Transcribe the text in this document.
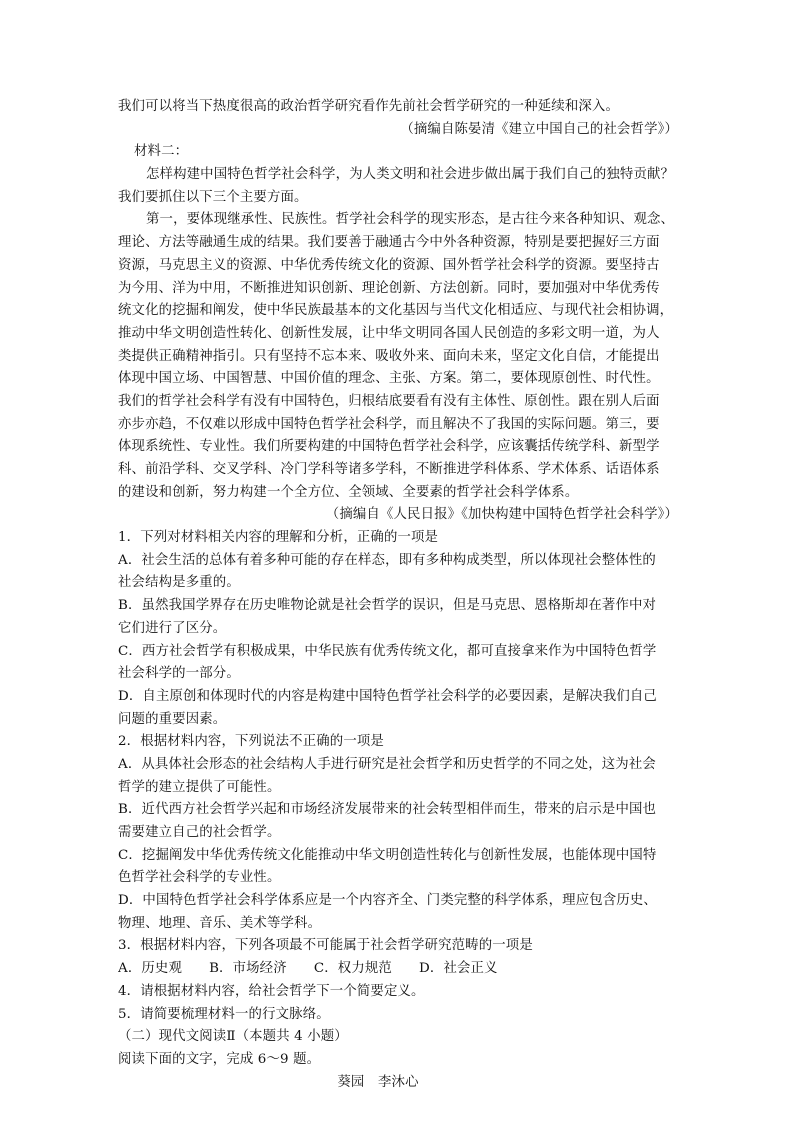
我们可以将当下热度很高的政治哲学研究看作先前社会哲学研究的一种延续和深入。
（摘编自陈晏清《建立中国自己的社会哲学》）
材料二：
怎样构建中国特色哲学社会科学，为人类文明和社会进步做出属于我们自己的独特贡献？
我们要抓住以下三个主要方面。
第一，要体现继承性、民族性。哲学社会科学的现实形态，是古往今来各种知识、观念、
理论、方法等融通生成的结果。我们要善于融通古今中外各种资源，特别是要把握好三方面
资源，马克思主义的资源、中华优秀传统文化的资源、国外哲学社会科学的资源。要坚持古
为今用、洋为中用，不断推进知识创新、理论创新、方法创新。同时，要加强对中华优秀传
统文化的挖掘和阐发，使中华民族最基本的文化基因与当代文化相适应、与现代社会相协调，
推动中华文明创造性转化、创新性发展，让中华文明同各国人民创造的多彩文明一道，为人
类提供正确精神指引。只有坚持不忘本来、吸收外来、面向未来，坚定文化自信，才能提出
体现中国立场、中国智慧、中国价值的理念、主张、方案。第二，要体现原创性、时代性。
我们的哲学社会科学有没有中国特色，归根结底要看有没有主体性、原创性。跟在别人后面
亦步亦趋，不仅难以形成中国特色哲学社会科学，而且解决不了我国的实际问题。第三，要
体现系统性、专业性。我们所要构建的中国特色哲学社会科学，应该囊括传统学科、新型学
科、前沿学科、交叉学科、冷门学科等诸多学科，不断推进学科体系、学术体系、话语体系
的建设和创新，努力构建一个全方位、全领域、全要素的哲学社会科学体系。
（摘编自《人民日报》《加快构建中国特色哲学社会科学》）
1．下列对材料相关内容的理解和分析，正确的一项是
A．社会生活的总体有着多种可能的存在样态，即有多种构成类型，所以体现社会整体性的
社会结构是多重的。
B．虽然我国学界存在历史唯物论就是社会哲学的误识，但是马克思、恩格斯却在著作中对
它们进行了区分。
C．西方社会哲学有积极成果，中华民族有优秀传统文化，都可直接拿来作为中国特色哲学
社会科学的一部分。
D．自主原创和体现时代的内容是构建中国特色哲学社会科学的必要因素，是解决我们自己
问题的重要因素。
2．根据材料内容，下列说法不正确的一项是
A．从具体社会形态的社会结构人手进行研究是社会哲学和历史哲学的不同之处，这为社会
哲学的建立提供了可能性。
B．近代西方社会哲学兴起和市场经济发展带来的社会转型相伴而生，带来的启示是中国也
需要建立自己的社会哲学。
C．挖掘阐发中华优秀传统文化能推动中华文明创造性转化与创新性发展，也能体现中国特
色哲学社会科学的专业性。
D．中国特色哲学社会科学体系应是一个内容齐全、门类完整的科学体系，理应包含历史、
物理、地理、音乐、美术等学科。
3．根据材料内容，下列各项最不可能属于社会哲学研究范畴的一项是
A．历史观　　B．市场经济　　C．权力规范　　D．社会正义
4．请根据材料内容，给社会哲学下一个简要定义。
5．请简要梳理材料一的行文脉络。
（二）现代文阅读Ⅱ（本题共 4 小题）
阅读下面的文字，完成 6～9 题。
葵园　李沐心
